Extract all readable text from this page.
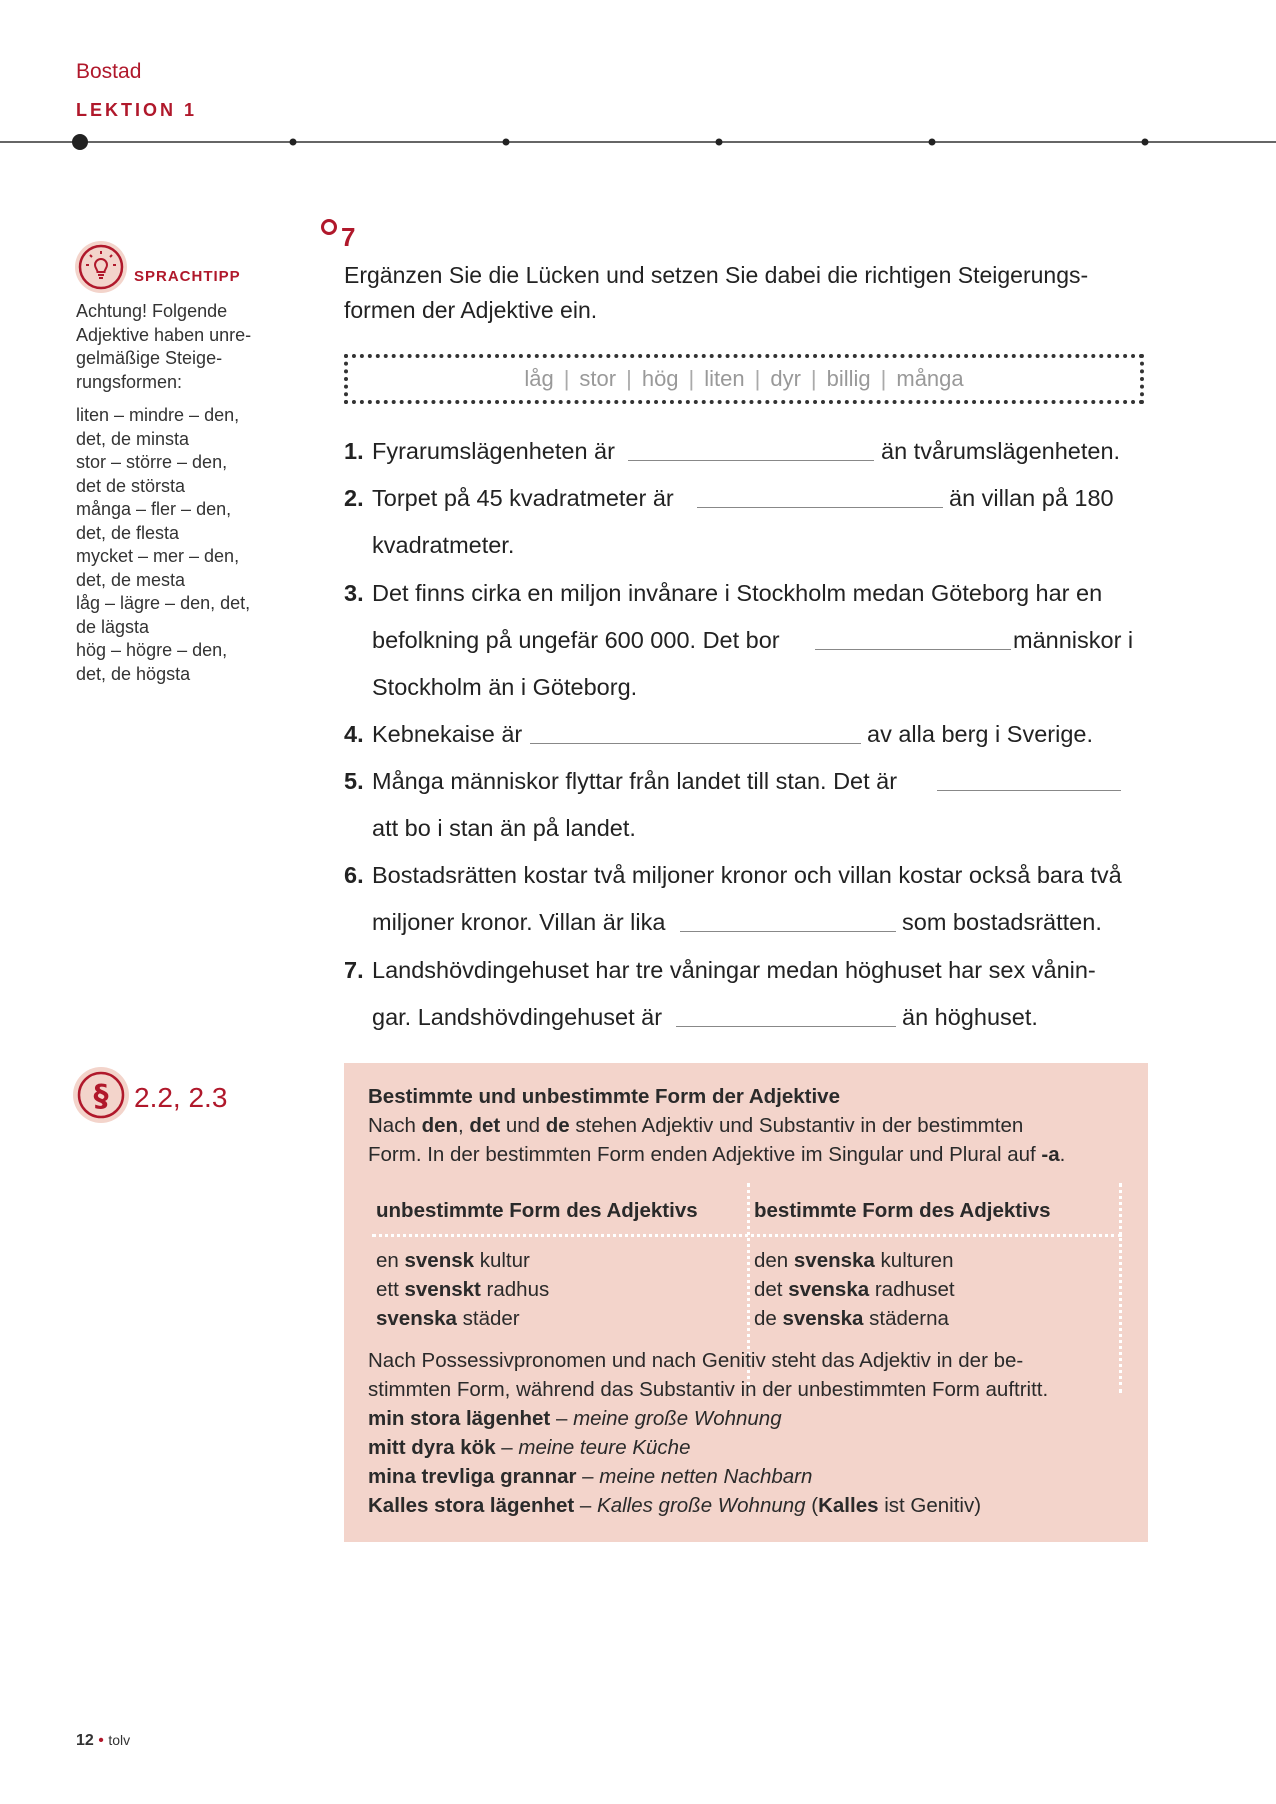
Bostad
LEKTION 1
SPRACHTIPP

Achtung! Folgende
Adjektive haben unre-
gelmäßige Steige-
rungsformen:

liten – mindre – den,
det, de minsta
stor – större – den,
det de största
många – fler – den,
det, de flesta
mycket – mer – den,
det, de mesta
låg – lägre – den, det,
de lägsta
hög – högre – den,
det, de högsta

§ 2.2, 2.3
7
Ergänzen Sie die Lücken und setzen Sie dabei die richtigen Steigerungs-
formen der Adjektive ein.
låg | stor | hög | liten | dyr | billig | många
1. Fyrarumslägenheten är	än tvårumslägenheten.
2. Torpet på 45 kvadratmeter är	än villan på 180
kvadratmeter.
3. Det finns cirka en miljon invånare i Stockholm medan Göteborg har en
befolkning på ungefär 600 000. Det bor	människor i
Stockholm än i Göteborg.
4. Kebnekaise är	av alla berg i Sverige.
5. Många människor flyttar från landet till stan. Det är
att bo i stan än på landet.
6. Bostadsrätten kostar två miljoner kronor och villan kostar också bara två
miljoner kronor. Villan är lika	som bostadsrätten.
7. Landshövdingehuset har tre våningar medan höghuset har sex vånin-
gar. Landshövdingehuset är	än höghuset.
Bestimmte und unbestimmte Form der Adjektive
Nach den, det und de stehen Adjektiv und Substantiv in der bestimmten
Form. In der bestimmten Form enden Adjektive im Singular und Plural auf -a.
unbestimmte Form des Adjektivs	bestimmte Form des Adjektivs
en svensk kultur	den svenska kulturen
ett svenskt radhus	det svenska radhuset
svenska städer	de svenska städerna
Nach Possessivpronomen und nach Genitiv steht das Adjektiv in der be-
stimmten Form, während das Substantiv in der unbestimmten Form auftritt.
min stora lägenhet – meine große Wohnung
mitt dyra kök – meine teure Küche
mina trevliga grannar – meine netten Nachbarn
Kalles stora lägenhet – Kalles große Wohnung (Kalles ist Genitiv)
12 • tolv
